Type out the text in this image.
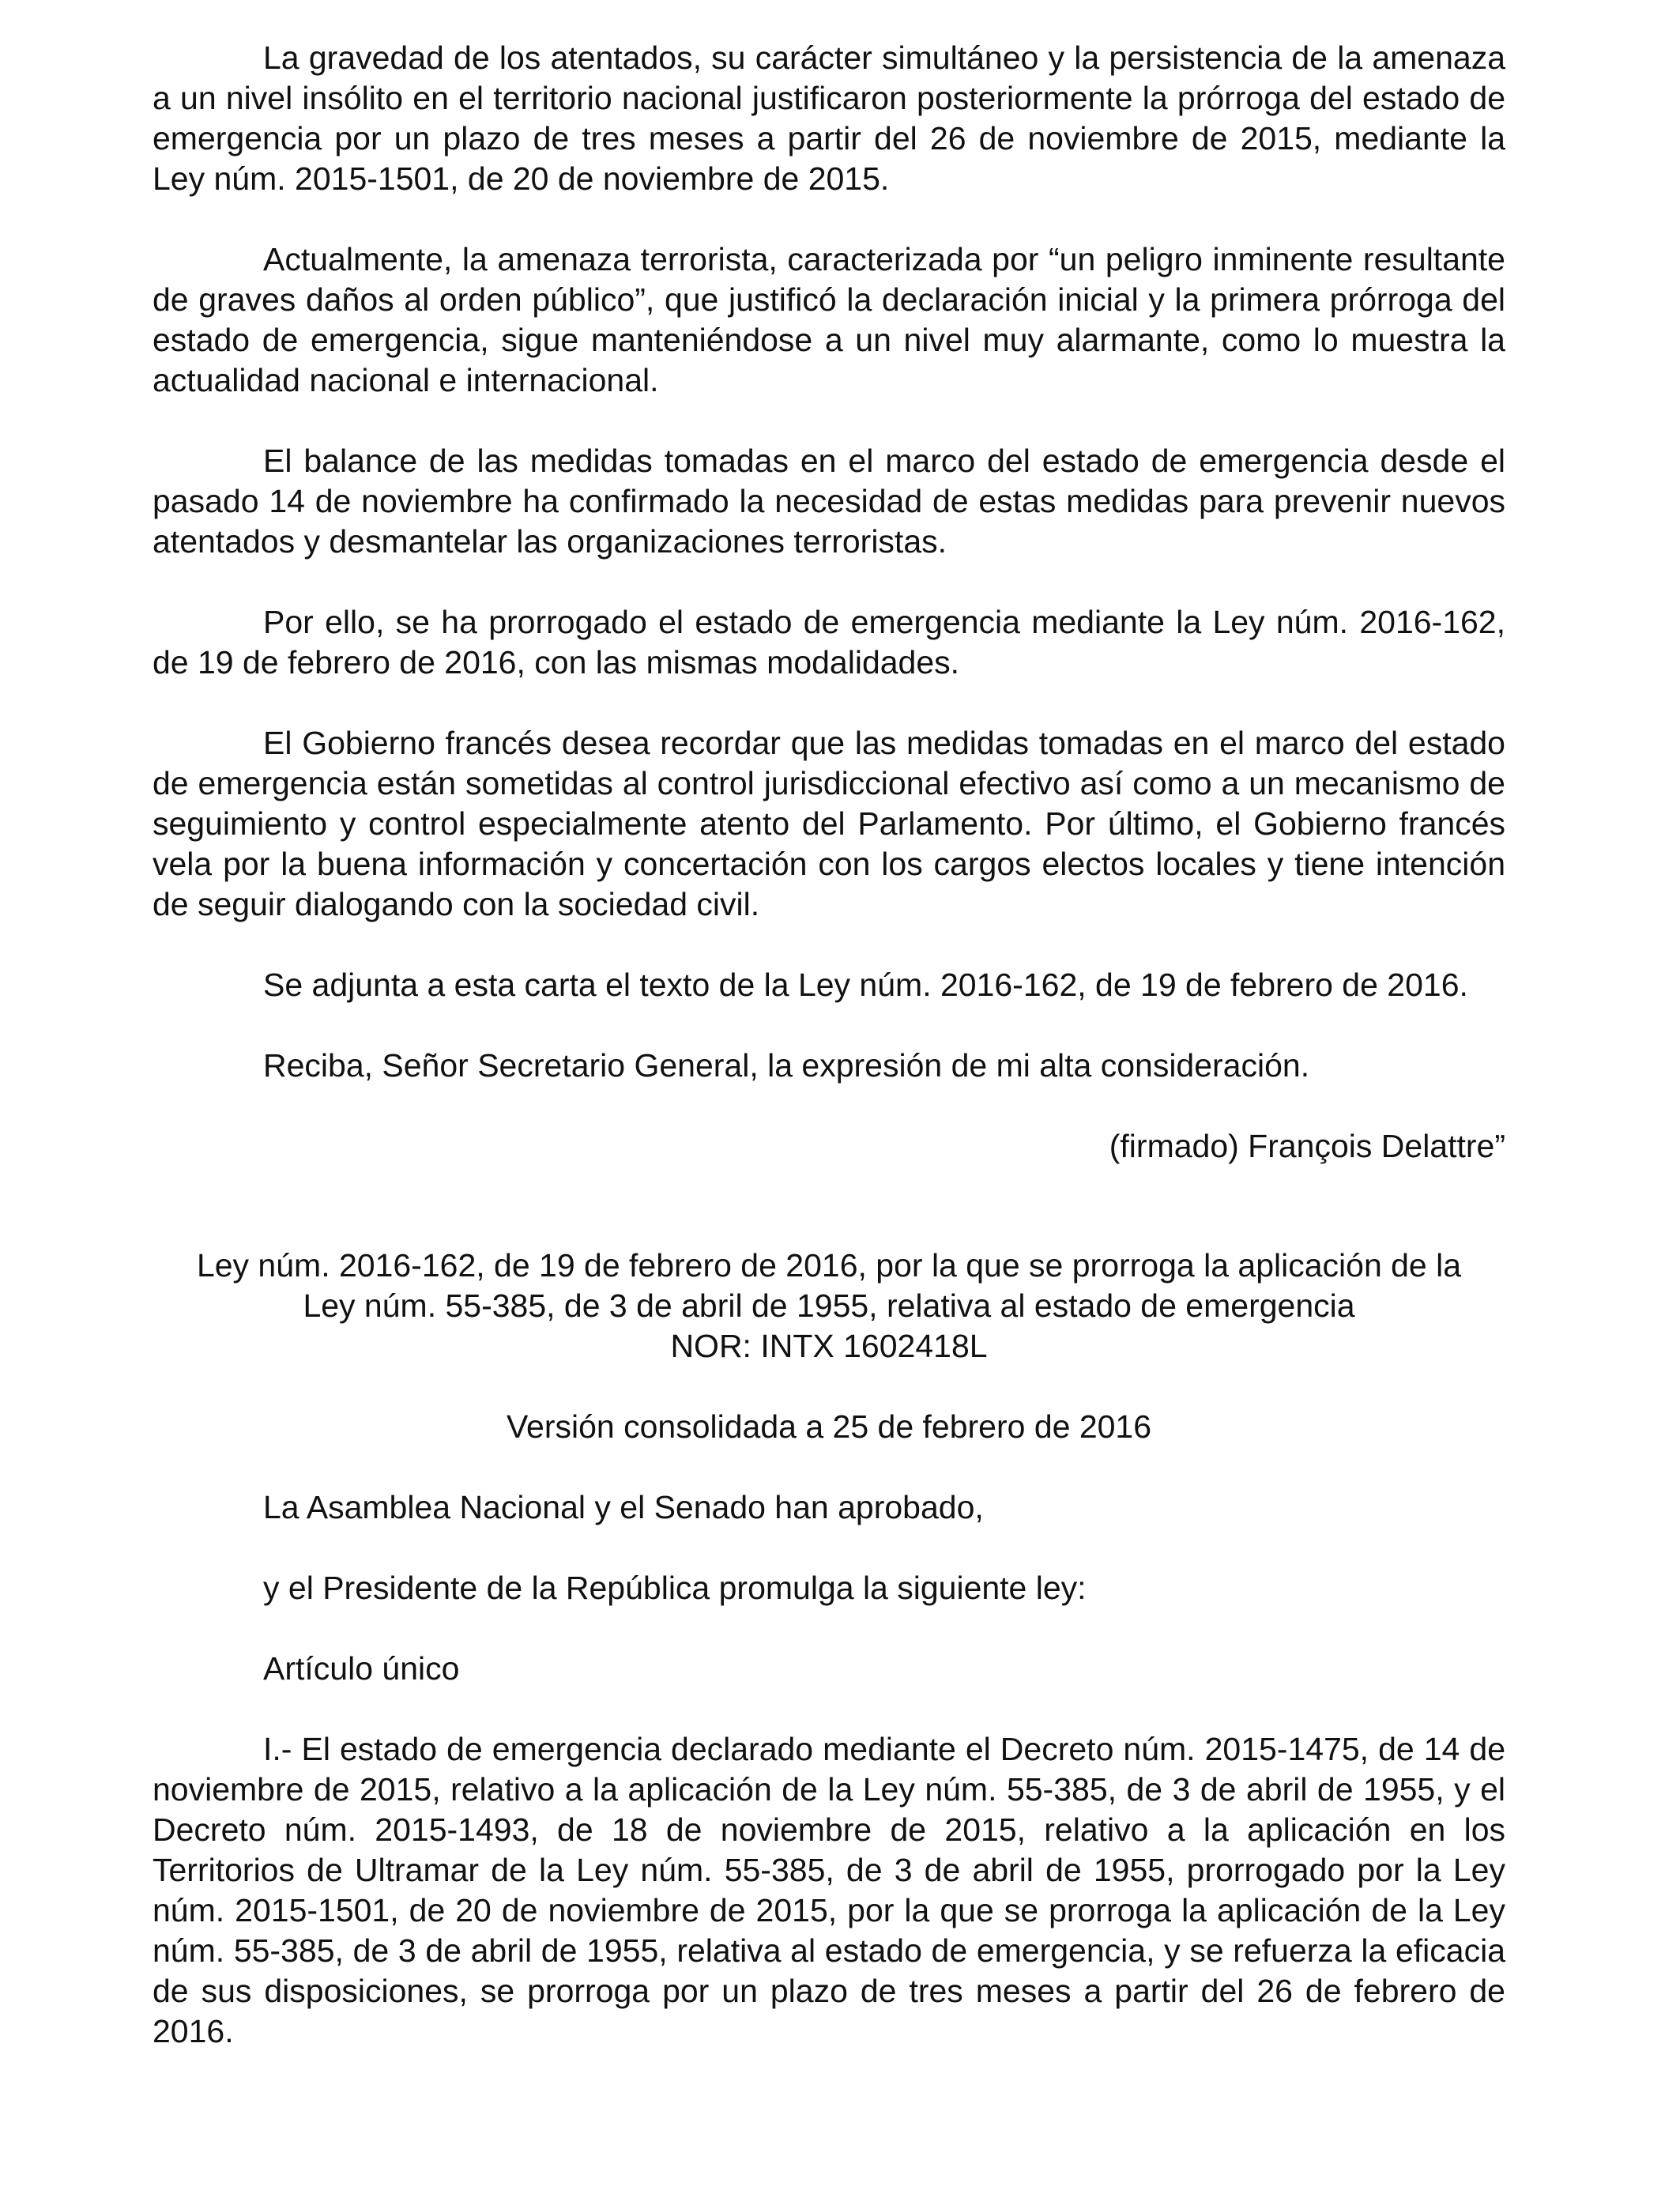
La gravedad de los atentados, su carácter simultáneo y la persistencia de la amenaza a un nivel insólito en el territorio nacional justificaron posteriormente la prórroga del estado de emergencia por un plazo de tres meses a partir del 26 de noviembre de 2015, mediante la Ley núm. 2015-1501, de 20 de noviembre de 2015.

Actualmente, la amenaza terrorista, caracterizada por “un peligro inminente resultante de graves daños al orden público”, que justificó la declaración inicial y la primera prórroga del estado de emergencia, sigue manteniéndose a un nivel muy alarmante, como lo muestra la actualidad nacional e internacional.

El balance de las medidas tomadas en el marco del estado de emergencia desde el pasado 14 de noviembre ha confirmado la necesidad de estas medidas para prevenir nuevos atentados y desmantelar las organizaciones terroristas.

Por ello, se ha prorrogado el estado de emergencia mediante la Ley núm. 2016-162, de 19 de febrero de 2016, con las mismas modalidades.

El Gobierno francés desea recordar que las medidas tomadas en el marco del estado de emergencia están sometidas al control jurisdiccional efectivo así como a un mecanismo de seguimiento y control especialmente atento del Parlamento. Por último, el Gobierno francés vela por la buena información y concertación con los cargos electos locales y tiene intención de seguir dialogando con la sociedad civil.

Se adjunta a esta carta el texto de la Ley núm. 2016-162, de 19 de febrero de 2016.

Reciba, Señor Secretario General, la expresión de mi alta consideración.

(firmado) François Delattre”

Ley núm. 2016-162, de 19 de febrero de 2016, por la que se prorroga la aplicación de la

Ley núm. 55-385, de 3 de abril de 1955, relativa al estado de emergencia

NOR: INTX 1602418L

Versión consolidada a 25 de febrero de 2016

La Asamblea Nacional y el Senado han aprobado,

y el Presidente de la República promulga la siguiente ley:

Artículo único

I.- El estado de emergencia declarado mediante el Decreto núm. 2015-1475, de 14 de noviembre de 2015, relativo a la aplicación de la Ley núm. 55-385, de 3 de abril de 1955, y el Decreto núm. 2015-1493, de 18 de noviembre de 2015, relativo a la aplicación en los Territorios de Ultramar de la Ley núm. 55-385, de 3 de abril de 1955, prorrogado por la Ley núm. 2015-1501, de 20 de noviembre de 2015, por la que se prorroga la aplicación de la Ley núm. 55-385, de 3 de abril de 1955, relativa al estado de emergencia, y se refuerza la eficacia de sus disposiciones, se prorroga por un plazo de tres meses a partir del 26 de febrero de 2016.
